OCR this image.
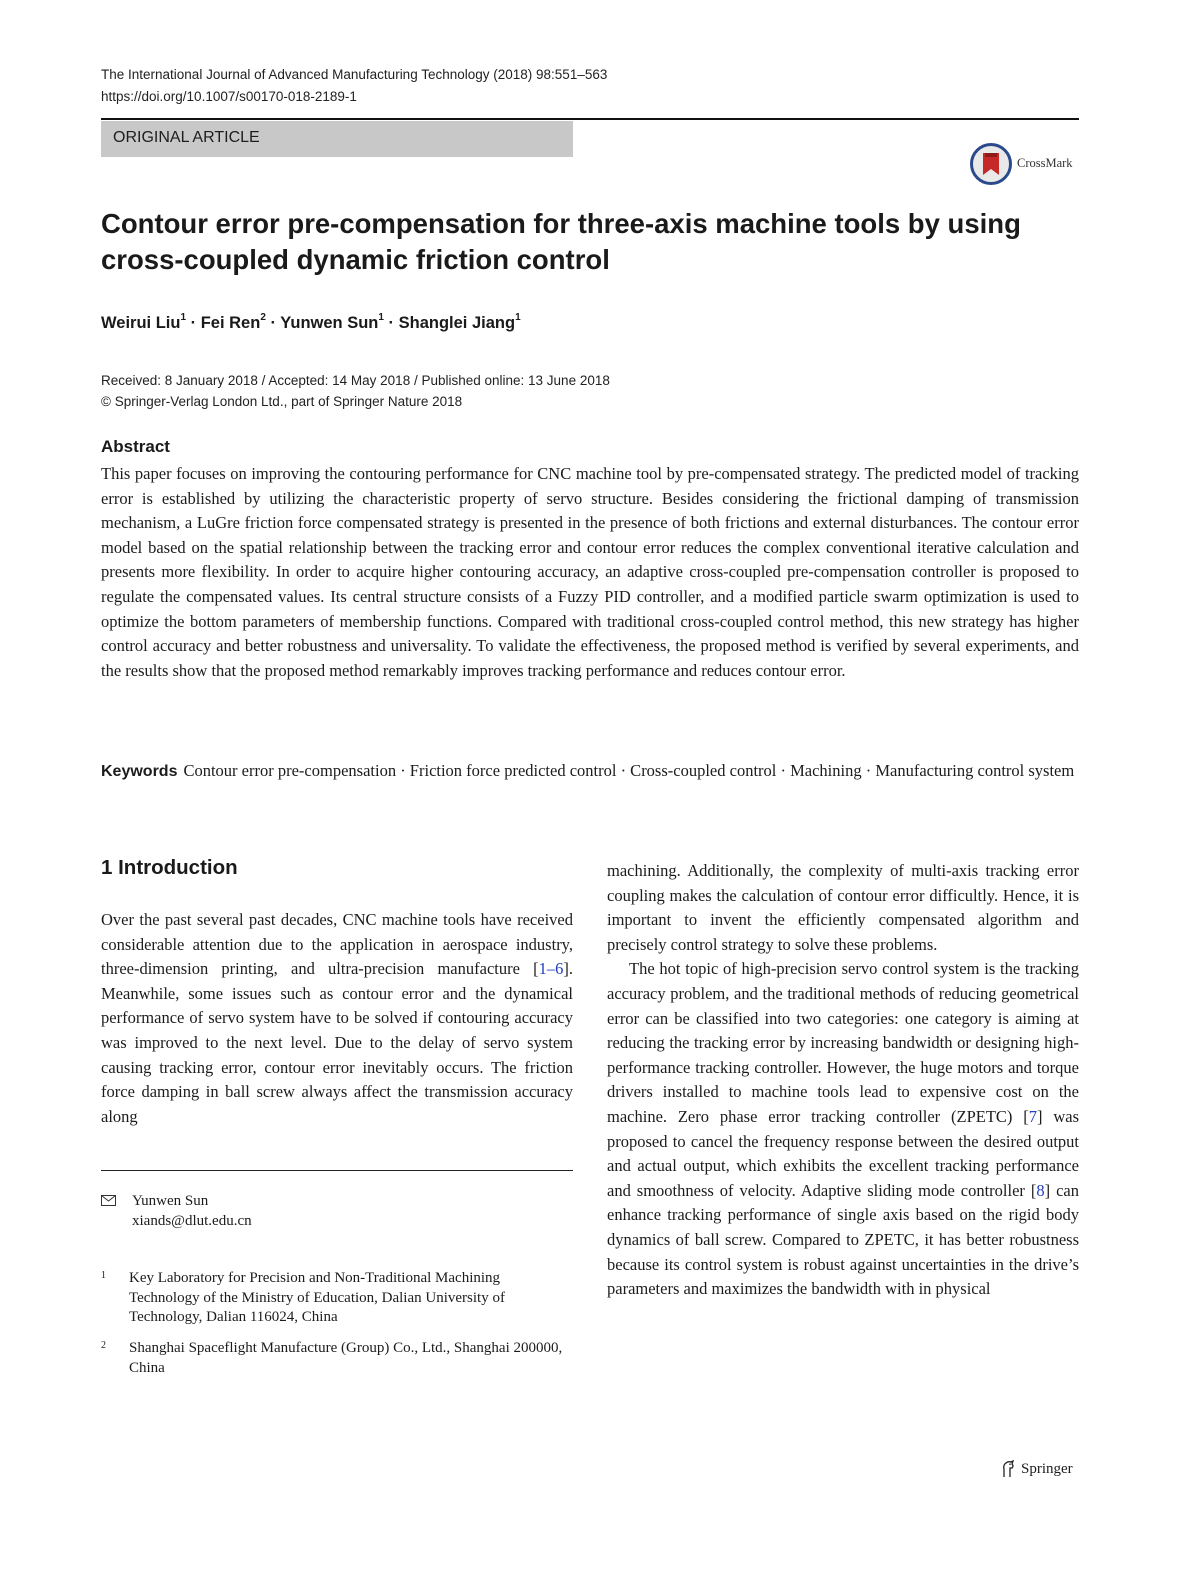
The International Journal of Advanced Manufacturing Technology (2018) 98:551–563
https://doi.org/10.1007/s00170-018-2189-1
ORIGINAL ARTICLE
CrossMark
Contour error pre-compensation for three-axis machine tools by using
cross-coupled dynamic friction control
Weirui Liu$^1$ · Fei Ren$^2$ · Yunwen Sun$^1$ · Shanglei Jiang$^1$
Received: 8 January 2018 / Accepted: 14 May 2018 / Published online: 13 June 2018
© Springer-Verlag London Ltd., part of Springer Nature 2018
Abstract
This paper focuses on improving the contouring performance for CNC machine tool by pre-compensated strategy. The predicted model of tracking error is established by utilizing the characteristic property of servo structure. Besides considering the frictional damping of transmission mechanism, a LuGre friction force compensated strategy is presented in the presence of both frictions and external disturbances. The contour error model based on the spatial relationship between the tracking error and contour error reduces the complex conventional iterative calculation and presents more flexibility. In order to acquire higher contouring accuracy, an adaptive cross-coupled pre-compensation controller is proposed to regulate the compensated values. Its central structure consists of a Fuzzy PID controller, and a modified particle swarm optimization is used to optimize the bottom parameters of membership functions. Compared with traditional cross-coupled control method, this new strategy has higher control accuracy and better robustness and universality. To validate the effectiveness, the proposed method is verified by several experiments, and the results show that the proposed method remarkably improves tracking performance and reduces contour error.
Keywords Contour error pre-compensation · Friction force predicted control · Cross-coupled control · Machining · Manufacturing control system
1 Introduction

Over the past several past decades, CNC machine tools have received considerable attention due to the application in aerospace industry, three-dimension printing, and ultra-precision manufacture [1–6]. Meanwhile, some issues such as contour error and the dynamical performance of servo system have to be solved if contouring accuracy was improved to the next level. Due to the delay of servo system causing tracking error, contour error inevitably occurs. The friction force damping in ball screw always affect the transmission accuracy along

machining. Additionally, the complexity of multi-axis tracking error coupling makes the calculation of contour error difficultly. Hence, it is important to invent the efficiently compensated algorithm and precisely control strategy to solve these problems.

The hot topic of high-precision servo control system is the tracking accuracy problem, and the traditional methods of reducing geometrical error can be classified into two categories: one category is aiming at reducing the tracking error by increasing bandwidth or designing high-performance tracking controller. However, the huge motors and torque drivers installed to machine tools lead to expensive cost on the machine. Zero phase error tracking controller (ZPETC) [7] was proposed to cancel the frequency response between the desired output and actual output, which exhibits the excellent tracking performance and smoothness of velocity. Adaptive sliding mode controller [8] can enhance tracking performance of single axis based on the rigid body dynamics of ball screw. Compared to ZPETC, it has better robustness because its control system is robust against uncertainties in the drive’s parameters and maximizes the bandwidth with in physical

Yunwen Sun
xiands@dlut.edu.cn
1 Key Laboratory for Precision and Non-Traditional Machining Technology of the Ministry of Education, Dalian University of Technology, Dalian 116024, China
2 Shanghai Spaceflight Manufacture (Group) Co., Ltd., Shanghai 200000, China
Springer
